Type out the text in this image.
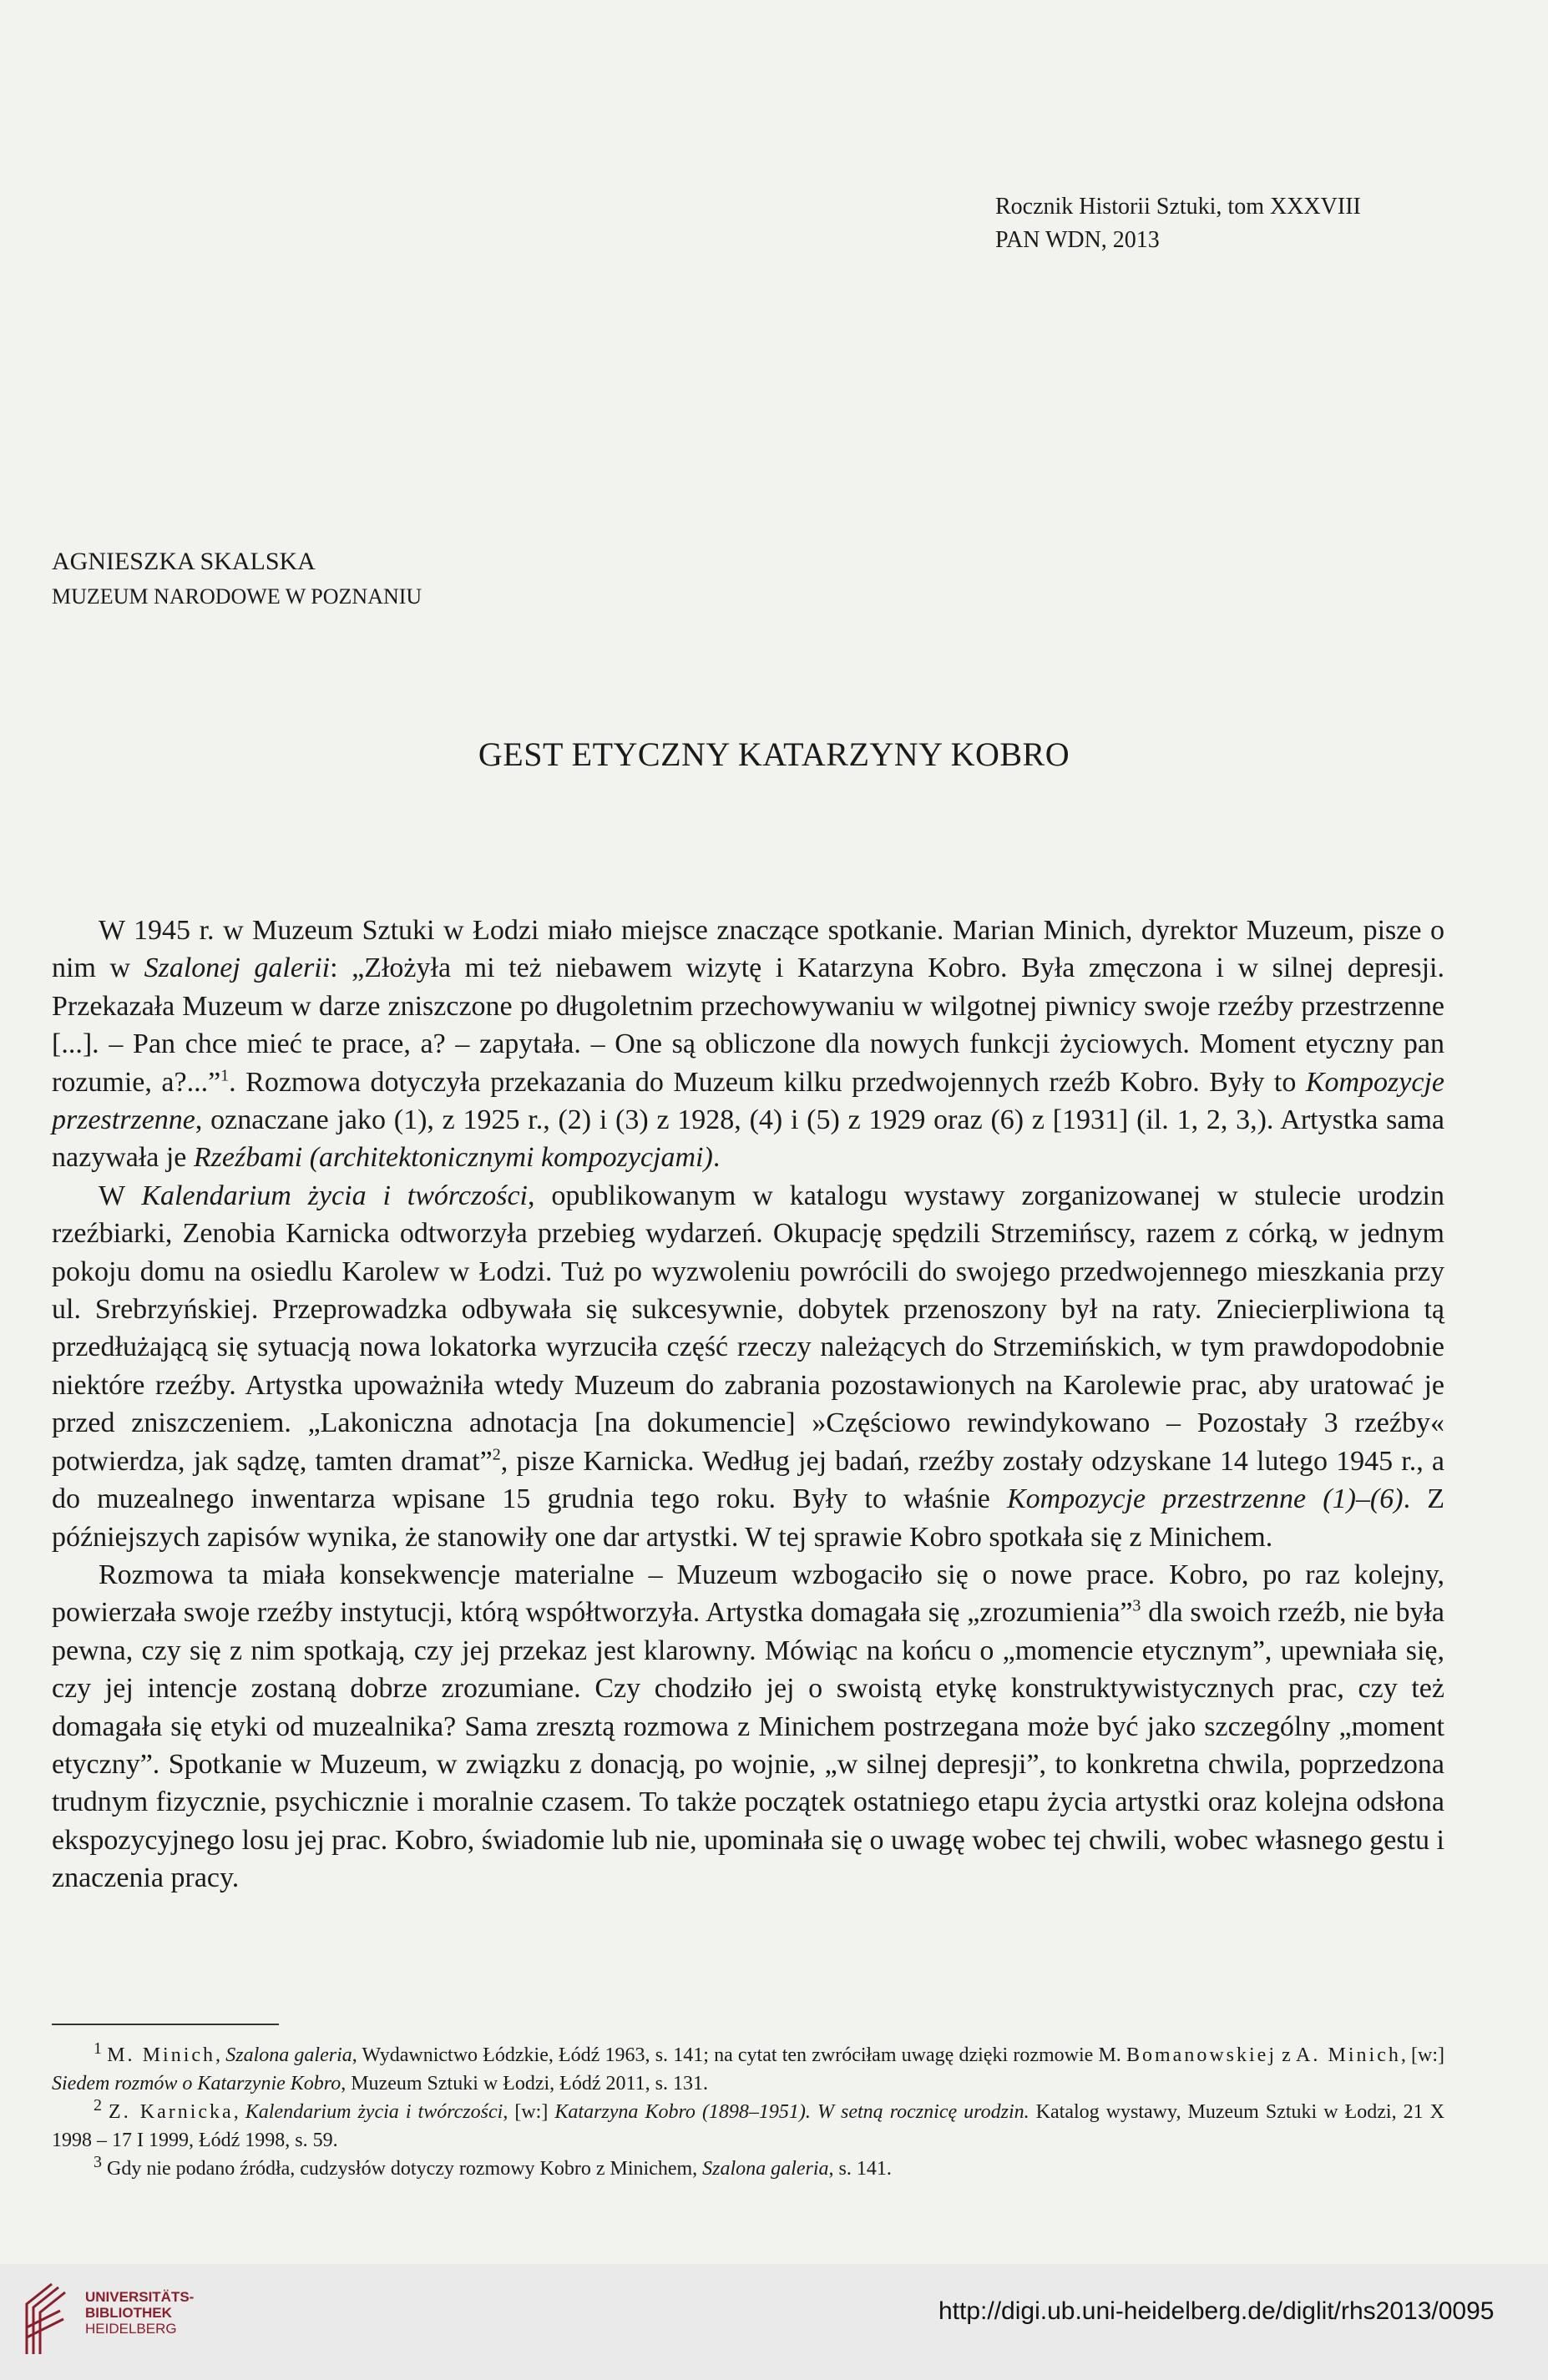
Rocznik Historii Sztuki, tom XXXVIII
PAN WDN, 2013
AGNIESZKA SKALSKA
MUZEUM NARODOWE W POZNANIU
GEST ETYCZNY KATARZYNY KOBRO

W 1945 r. w Muzeum Sztuki w Łodzi miało miejsce znaczące spotkanie. Marian Minich, dyrektor Muzeum, pisze o nim w Szalonej galerii: „Złożyła mi też niebawem wizytę i Katarzyna Kobro. Była zmęczona i w silnej depresji. Przekazała Muzeum w darze zniszczone po długoletnim przechowywaniu w wilgotnej piwnicy swoje rzeźby przestrzenne [...]. – Pan chce mieć te prace, a? – zapytała. – One są obliczone dla nowych funkcji życiowych. Moment etyczny pan rozumie, a?...”$^1$. Rozmowa dotyczyła przekazania do Muzeum kilku przedwojennych rzeźb Kobro. Były to Kompozycje przestrzenne, oznaczane jako (1), z 1925 r., (2) i (3) z 1928, (4) i (5) z 1929 oraz (6) z [1931] (il. 1, 2, 3,). Artystka sama nazywała je Rzeźbami (architektonicznymi kompozycjami).

W Kalendarium życia i twórczości, opublikowanym w katalogu wystawy zorganizowanej w stulecie urodzin rzeźbiarki, Zenobia Karnicka odtworzyła przebieg wydarzeń. Okupację spędzili Strzemińscy, razem z córką, w jednym pokoju domu na osiedlu Karolew w Łodzi. Tuż po wyzwoleniu powrócili do swojego przedwojennego mieszkania przy ul. Srebrzyńskiej. Przeprowadzka odbywała się sukcesywnie, dobytek przenoszony był na raty. Zniecierpliwiona tą przedłużającą się sytuacją nowa lokatorka wyrzuciła część rzeczy należących do Strzemińskich, w tym prawdopodobnie niektóre rzeźby. Artystka upoważniła wtedy Muzeum do zabrania pozostawionych na Karolewie prac, aby uratować je przed zniszczeniem. „Lakoniczna adnotacja [na dokumencie] »Częściowo rewindykowano – Pozostały 3 rzeźby« potwierdza, jak sądzę, tamten dramat”$^2$, pisze Karnicka. Według jej badań, rzeźby zostały odzyskane 14 lutego 1945 r., a do muzealnego inwentarza wpisane 15 grudnia tego roku. Były to właśnie Kompozycje przestrzenne (1)–(6). Z późniejszych zapisów wynika, że stanowiły one dar artystki. W tej sprawie Kobro spotkała się z Minichem.

Rozmowa ta miała konsekwencje materialne – Muzeum wzbogaciło się o nowe prace. Kobro, po raz kolejny, powierzała swoje rzeźby instytucji, którą współtworzyła. Artystka domagała się „zrozumienia”$^3$ dla swoich rzeźb, nie była pewna, czy się z nim spotkają, czy jej przekaz jest klarowny. Mówiąc na końcu o „momencie etycznym”, upewniała się, czy jej intencje zostaną dobrze zrozumiane. Czy chodziło jej o swoistą etykę konstruktywistycznych prac, czy też domagała się etyki od muzealnika? Sama zresztą rozmowa z Minichem postrzegana może być jako szczególny „moment etyczny”. Spotkanie w Muzeum, w związku z donacją, po wojnie, „w silnej depresji”, to konkretna chwila, poprzedzona trudnym fizycznie, psychicznie i moralnie czasem. To także początek ostatniego etapu życia artystki oraz kolejna odsłona ekspozycyjnego losu jej prac. Kobro, świadomie lub nie, upominała się o uwagę wobec tej chwili, wobec własnego gestu i znaczenia pracy.

$^1$ M. Minich, Szalona galeria, Wydawnictwo Łódzkie, Łódź 1963, s. 141; na cytat ten zwróciłam uwagę dzięki rozmowie M. Bomanowskiej z A. Minich, [w:] Siedem rozmów o Katarzynie Kobro, Muzeum Sztuki w Łodzi, Łódź 2011, s. 131.

$^2$ Z. Karnicka, Kalendarium życia i twórczości, [w:] Katarzyna Kobro (1898–1951). W setną rocznicę urodzin. Katalog wystawy, Muzeum Sztuki w Łodzi, 21 X 1998 – 17 I 1999, Łódź 1998, s. 59.

$^3$ Gdy nie podano źródła, cudzysłów dotyczy rozmowy Kobro z Minichem, Szalona galeria, s. 141.

UNIVERSITÄTS-
BIBLIOTHEK
HEIDELBERG
http://digi.ub.uni-heidelberg.de/diglit/rhs2013/0095
